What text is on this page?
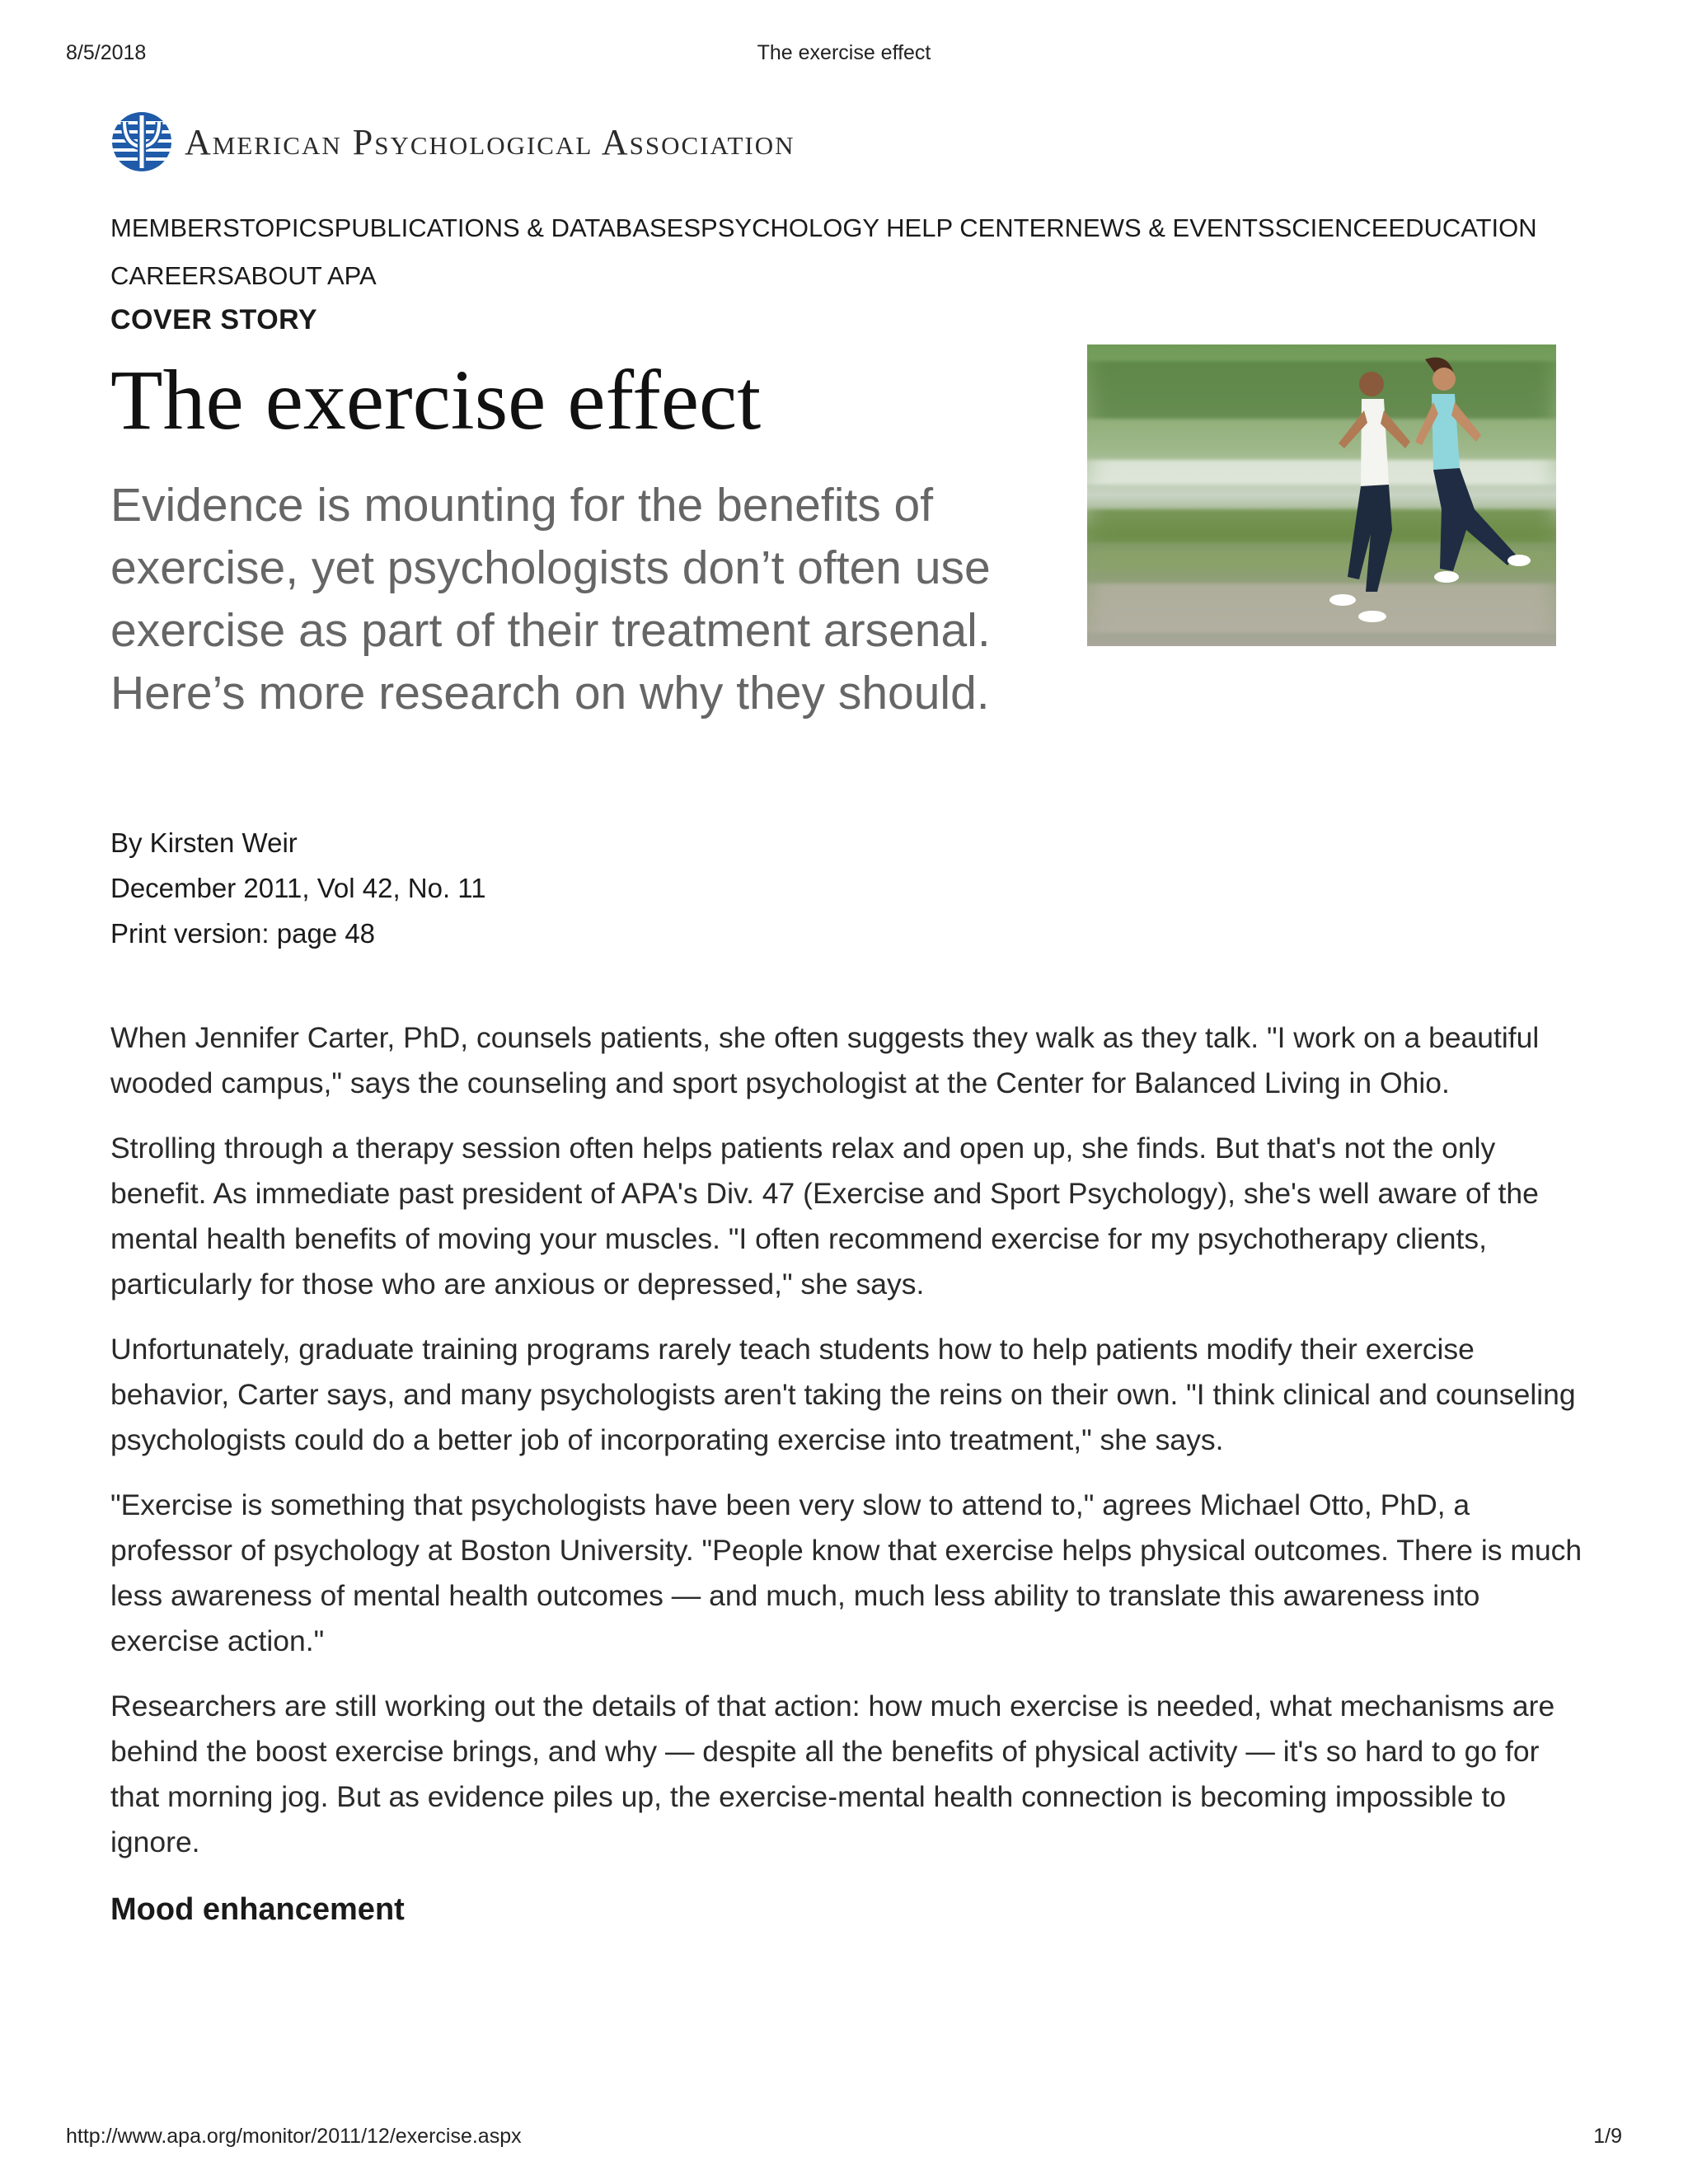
8/5/2018	The exercise effect
American Psychological Association
MEMBERSTOPICSPUBLICATIONS & DATABASESPSYCHOLOGY HELP CENTERNEWS & EVENTSSCIENCEEDUCATION
CAREERSABOUT APA
COVER STORY
The exercise effect
Evidence is mounting for the benefits of exercise, yet psychologists don’t often use exercise as part of their treatment arsenal. Here’s more research on why they should.
By Kirsten Weir
December 2011, Vol 42, No. 11
Print version: page 48

When Jennifer Carter, PhD, counsels patients, she often suggests they walk as they talk. "I work on a beautiful wooded campus," says the counseling and sport psychologist at the Center for Balanced Living in Ohio.

Strolling through a therapy session often helps patients relax and open up, she finds. But that's not the only benefit. As immediate past president of APA's Div. 47 (Exercise and Sport Psychology), she's well aware of the mental health benefits of moving your muscles. "I often recommend exercise for my psychotherapy clients, particularly for those who are anxious or depressed," she says.

Unfortunately, graduate training programs rarely teach students how to help patients modify their exercise behavior, Carter says, and many psychologists aren't taking the reins on their own. "I think clinical and counseling psychologists could do a better job of incorporating exercise into treatment," she says.

"Exercise is something that psychologists have been very slow to attend to," agrees Michael Otto, PhD, a professor of psychology at Boston University. "People know that exercise helps physical outcomes. There is much less awareness of mental health outcomes — and much, much less ability to translate this awareness into exercise action."

Researchers are still working out the details of that action: how much exercise is needed, what mechanisms are behind the boost exercise brings, and why — despite all the benefits of physical activity — it's so hard to go for that morning jog. But as evidence piles up, the exercise-mental health connection is becoming impossible to ignore.

Mood enhancement
http://www.apa.org/monitor/2011/12/exercise.aspx	1/9
